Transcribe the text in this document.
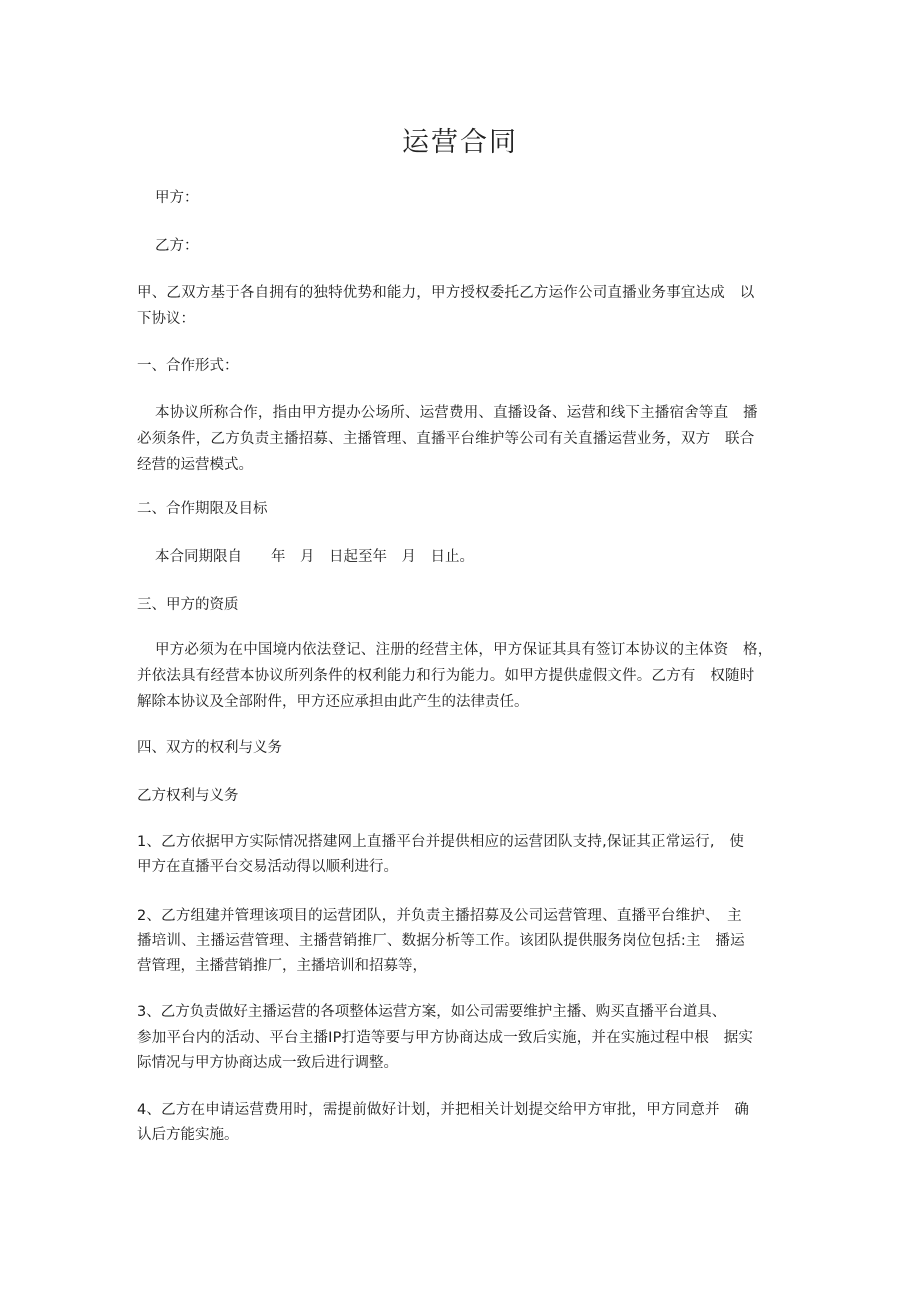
运营合同
甲方：
乙方：
甲、乙双方基于各自拥有的独特优势和能力，甲方授权委托乙方运作公司直播业务事宜达成　以
下协议：
一、合作形式：
本协议所称合作，指由甲方提办公场所、运营费用、直播设备、运营和线下主播宿舍等直　播
必须条件，乙方负责主播招募、主播管理、直播平台维护等公司有关直播运营业务，双方　联合
经营的运营模式。
二、合作期限及目标
本合同期限自　　年　月　日起至年　月　日止。
三、甲方的资质
甲方必须为在中国境内依法登记、注册的经营主体，甲方保证其具有签订本协议的主体资　格，
并依法具有经营本协议所列条件的权利能力和行为能力。如甲方提供虚假文件。乙方有　权随时
解除本协议及全部附件，甲方还应承担由此产生的法律责任。
四、双方的权利与义务
乙方权利与义务
1、乙方依据甲方实际情况搭建网上直播平台并提供相应的运营团队支持,保证其正常运行,　使
甲方在直播平台交易活动得以顺利进行。
2、乙方组建并管理该项目的运营团队，并负责主播招募及公司运营管理、直播平台维护、　主
播培训、主播运营管理、主播营销推厂、数据分析等工作。该团队提供服务岗位包括:主　播运
营管理，主播营销推厂，主播培训和招募等，
3、乙方负责做好主播运营的各项整体运营方案，如公司需要维护主播、购买直播平台道具、
参加平台内的活动、平台主播IP打造等要与甲方协商达成一致后实施，并在实施过程中根　据实
际情况与甲方协商达成一致后进行调整。
4、乙方在申请运营费用时，需提前做好计划，并把相关计划提交给甲方审批，甲方同意并　确
认后方能实施。
